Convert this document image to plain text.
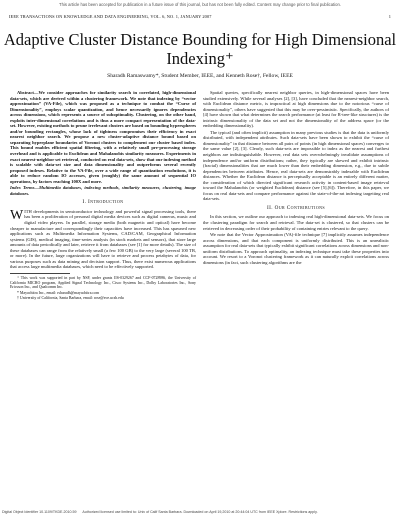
This article has been accepted for publication in a future issue of this journal, but has not been fully edited. Content may change prior to final publication.
IEEE TRANSACTIONS ON KNOWLEDGE AND DATA ENGINEERING, VOL. 6, NO. 1, JANUARY 2007	1
Adaptive Cluster Distance Bounding for High Dimensional Indexing⁺
Sharadh Ramaswamy*, Student Member, IEEE, and Kenneth Rose†, Fellow, IEEE

Abstract—We consider approaches for similarity search in correlated, high-dimensional data-sets, which are derived within a clustering framework. We note that indexing by “vector approximation” (VA-File), which was proposed as a technique to combat the “Curse of Dimensionality”, employs scalar quantization, and hence necessarily ignores dependencies across dimensions, which represents a source of suboptimality. Clustering, on the other hand, exploits inter-dimensional correlations and is thus a more compact representation of the data-set. However, existing methods to prune irrelevant clusters are based on bounding hyperspheres and/or bounding rectangles, whose lack of tightness compromises their efficiency in exact nearest neighbor search. We propose a new cluster-adaptive distance bound based on separating hyperplane boundaries of Voronoi clusters to complement our cluster based index. This bound enables efficient spatial filtering, with a relatively small pre-processing storage overhead and is applicable to Euclidean and Mahalanobis similarity measures. Experiments in exact nearest-neighbor set retrieval, conducted on real data-sets, show that our indexing method is scalable with data-set size and data dimensionality and outperforms several recently proposed indexes. Relative to the VA-File, over a wide range of quantization resolutions, it is able to reduce random IO accesses, given (roughly) the same amount of sequential IO operations, by factors reaching 100X and more.

Index Terms—Multimedia databases, indexing methods, similarity measures, clustering, image databases.

I. Introduction

WITH developments in semiconductor technology and powerful signal processing tools, there has been a proliferation of personal digital media devices such as digital cameras, music and digital video players. In parallel, storage media (both magnetic and optical) have become cheaper to manufacture and correspondingly their capacities have increased. This has spawned new applications such as Multimedia Information Systems, CAD/CAM, Geographical Information systems (GIS), medical imaging, time-series analysis (in stock markets and sensors), that store large amounts of data periodically and later, retrieve it from databases (see [1] for more details). The size of these databases can range from the relatively small (a few 100 GB) to the very large (several 100 TB, or more). In the future, large organizations will have to retrieve and process petabytes of data, for various purposes such as data mining and decision support. Thus, there exist numerous applications that access large multimedia databases, which need to be effectively supported.

⁺ This work was supported in part by NSF, under grants IIS-0329267 and CCF-0728986, the University of California MICRO program, Applied Signal Technology Inc., Cisco Systems Inc., Dolby Laboratories Inc., Sony Ericsson Inc., and Qualcomm Inc.

* Mayachitra Inc., email: rsharadh@mayachitra.com

† University of California, Santa Barbara, email: rose@ece.ucsb.edu

Spatial queries, specifically nearest neighbor queries, in high-dimensional spaces have been studied extensively. While several analyses [2], [3], have concluded that the nearest-neighbor search, with Euclidean distance metric, is impractical at high dimensions due to the notorious “curse of dimensionality”, others have suggested that this may be over-pessimistic. Specifically, the authors of [4] have shown that what determines the search performance (at least for R-tree-like structures) is the intrinsic dimensionality of the data set and not the dimensionality of the address space (or the embedding dimensionality).

The typical (and often implicit) assumption in many previous studies is that the data is uniformly distributed, with independent attributes. Such data-sets have been shown to exhibit the “curse of dimensionality” in that distance between all pairs of points (in high dimensional spaces) converges to the same value [2], [3]. Clearly, such data-sets are impossible to index as the nearest and furthest neighbors are indistinguishable. However, real data sets overwhelmingly invalidate assumptions of independence and/or uniform distributions; rather, they typically are skewed and exhibit intrinsic (fractal) dimensionalities that are much lower than their embedding dimension, e.g., due to subtle dependencies between attributes. Hence, real data-sets are demonstrably indexable with Euclidean distances. Whether the Euclidean distance is perceptually acceptable is an entirely different matter, the consideration of which directed significant research activity in content-based image retrieval toward the Mahalanobis (or weighted Euclidean) distance (see [5],[6]). Therefore, in this paper, we focus on real data-sets and compare performance against the state-of-the-art indexing targetting real data-sets.

II. Our Contributions

In this section, we outline our approach to indexing real high-dimensional data-sets. We focus on the clustering paradigm for search and retrieval. The data-set is clustered, so that clusters can be retrieved in decreasing order of their probability of containing entries relevant to the query.

We note that the Vector Approximation (VA)-file technique [7] implicitly assumes independence across dimensions, and that each component is uniformly distributed. This is an unrealistic assumption for real data-sets that typically exhibit significant correlations across dimensions and non-uniform distributions. To approach optimality, an indexing technique must take these properties into account. We resort to a Voronoi clustering framework as it can naturally exploit correlations across dimensions (in fact, such clustering algorithms are the

Digital Object Identifier 10.1109/TKDE.2010.59 Authorized licensed use limited to: Univ of Calif Santa Barbara. Downloaded on April 19,2010 at 20:44:04 UTC from IEEE Xplore. Restrictions apply.
